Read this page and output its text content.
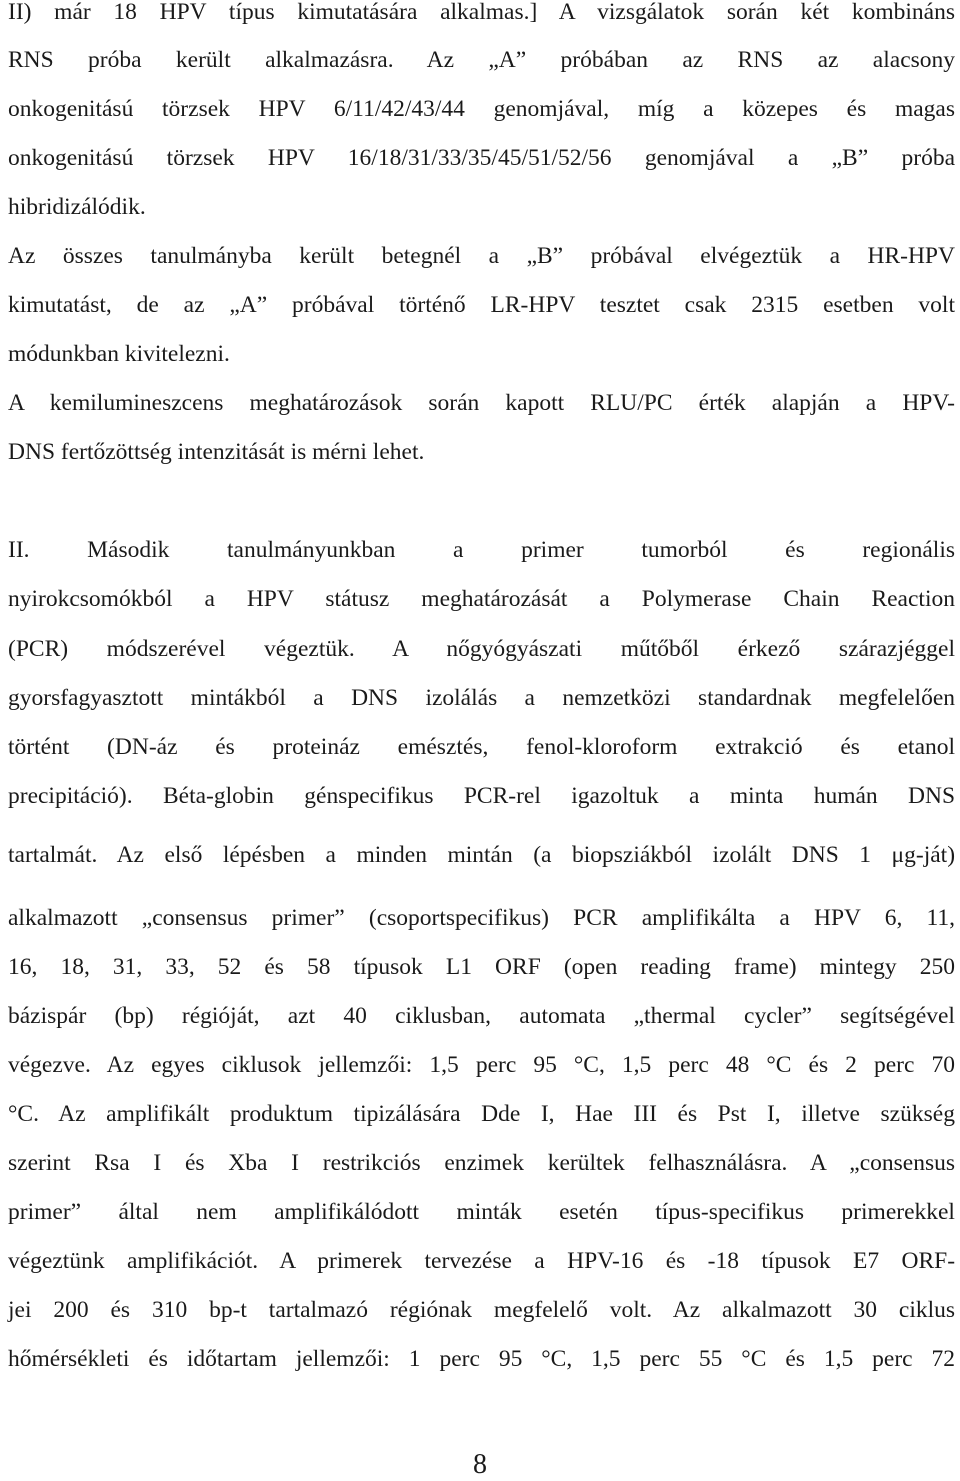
II) már 18 HPV típus kimutatására alkalmas.] A vizsgálatok során két kombináns
RNS próba került alkalmazásra. Az „A” próbában az RNS az alacsony
onkogenitású törzsek HPV 6/11/42/43/44 genomjával, míg a közepes és magas
onkogenitású törzsek HPV 16/18/31/33/35/45/51/52/56 genomjával a „B” próba
hibridizálódik.
Az összes tanulmányba került betegnél a „B” próbával elvégeztük a HR-HPV
kimutatást, de az „A” próbával történő LR-HPV tesztet csak 2315 esetben volt
módunkban kivitelezni.
A kemilumineszcens meghatározások során kapott RLU/PC érték alapján a HPV-
DNS fertőzöttség intenzitását is mérni lehet.
II. Második tanulmányunkban a primer tumorból és regionális
nyirokcsomókból a HPV státusz meghatározását a Polymerase Chain Reaction
(PCR) módszerével végeztük. A nőgyógyászati műtőből érkező szárazjéggel
gyorsfagyasztott mintákból a DNS izolálás a nemzetközi standardnak megfelelően
történt (DN-áz és proteináz emésztés, fenol-kloroform extrakció és etanol
precipitáció). Béta-globin génspecifikus PCR-rel igazoltuk a minta humán DNS
tartalmát. Az első lépésben a minden mintán (a biopsziákból izolált DNS 1 μg-ját)
alkalmazott „consensus primer” (csoportspecifikus) PCR amplifikálta a HPV 6, 11,
16, 18, 31, 33, 52 és 58 típusok L1 ORF (open reading frame) mintegy 250
bázispár (bp) régióját, azt 40 ciklusban, automata „thermal cycler” segítségével
végezve. Az egyes ciklusok jellemzői: 1,5 perc 95 °C, 1,5 perc 48 °C és 2 perc 70
°C. Az amplifikált produktum tipizálására Dde I, Hae III és Pst I, illetve szükség
szerint Rsa I és Xba I restrikciós enzimek kerültek felhasználásra. A „consensus
primer” által nem amplifikálódott minták esetén típus-specifikus primerekkel
végeztünk amplifikációt. A primerek tervezése a HPV-16 és -18 típusok E7 ORF-
jei 200 és 310 bp-t tartalmazó régiónak megfelelő volt. Az alkalmazott 30 ciklus
hőmérsékleti és időtartam jellemzői: 1 perc 95 °C, 1,5 perc 55 °C és 1,5 perc 72
8
